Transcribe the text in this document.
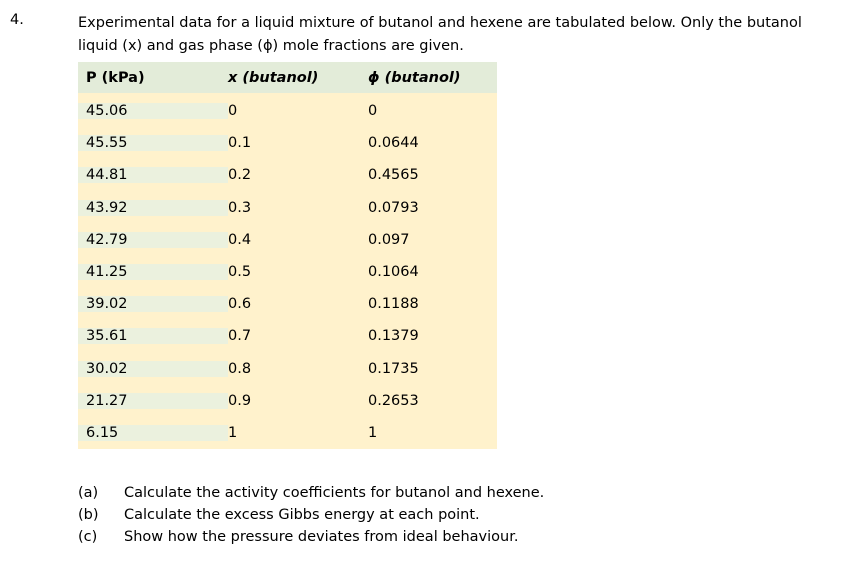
4.	Experimental data for a liquid mixture of butanol and hexene are tabulated below. Only the butanol
liquid (x) and gas phase (ϕ) mole fractions are given.
P (kPa)	x (butanol)	ϕ (butanol)
45.06	0	0
45.55	0.1	0.0644
44.81	0.2	0.4565
43.92	0.3	0.0793
42.79	0.4	0.097
41.25	0.5	0.1064
39.02	0.6	0.1188
35.61	0.7	0.1379
30.02	0.8	0.1735
21.27	0.9	0.2653
6.15	1	1
(a)	Calculate the activity coefficients for butanol and hexene.
(b)	Calculate the excess Gibbs energy at each point.
(c)	Show how the pressure deviates from ideal behaviour.
